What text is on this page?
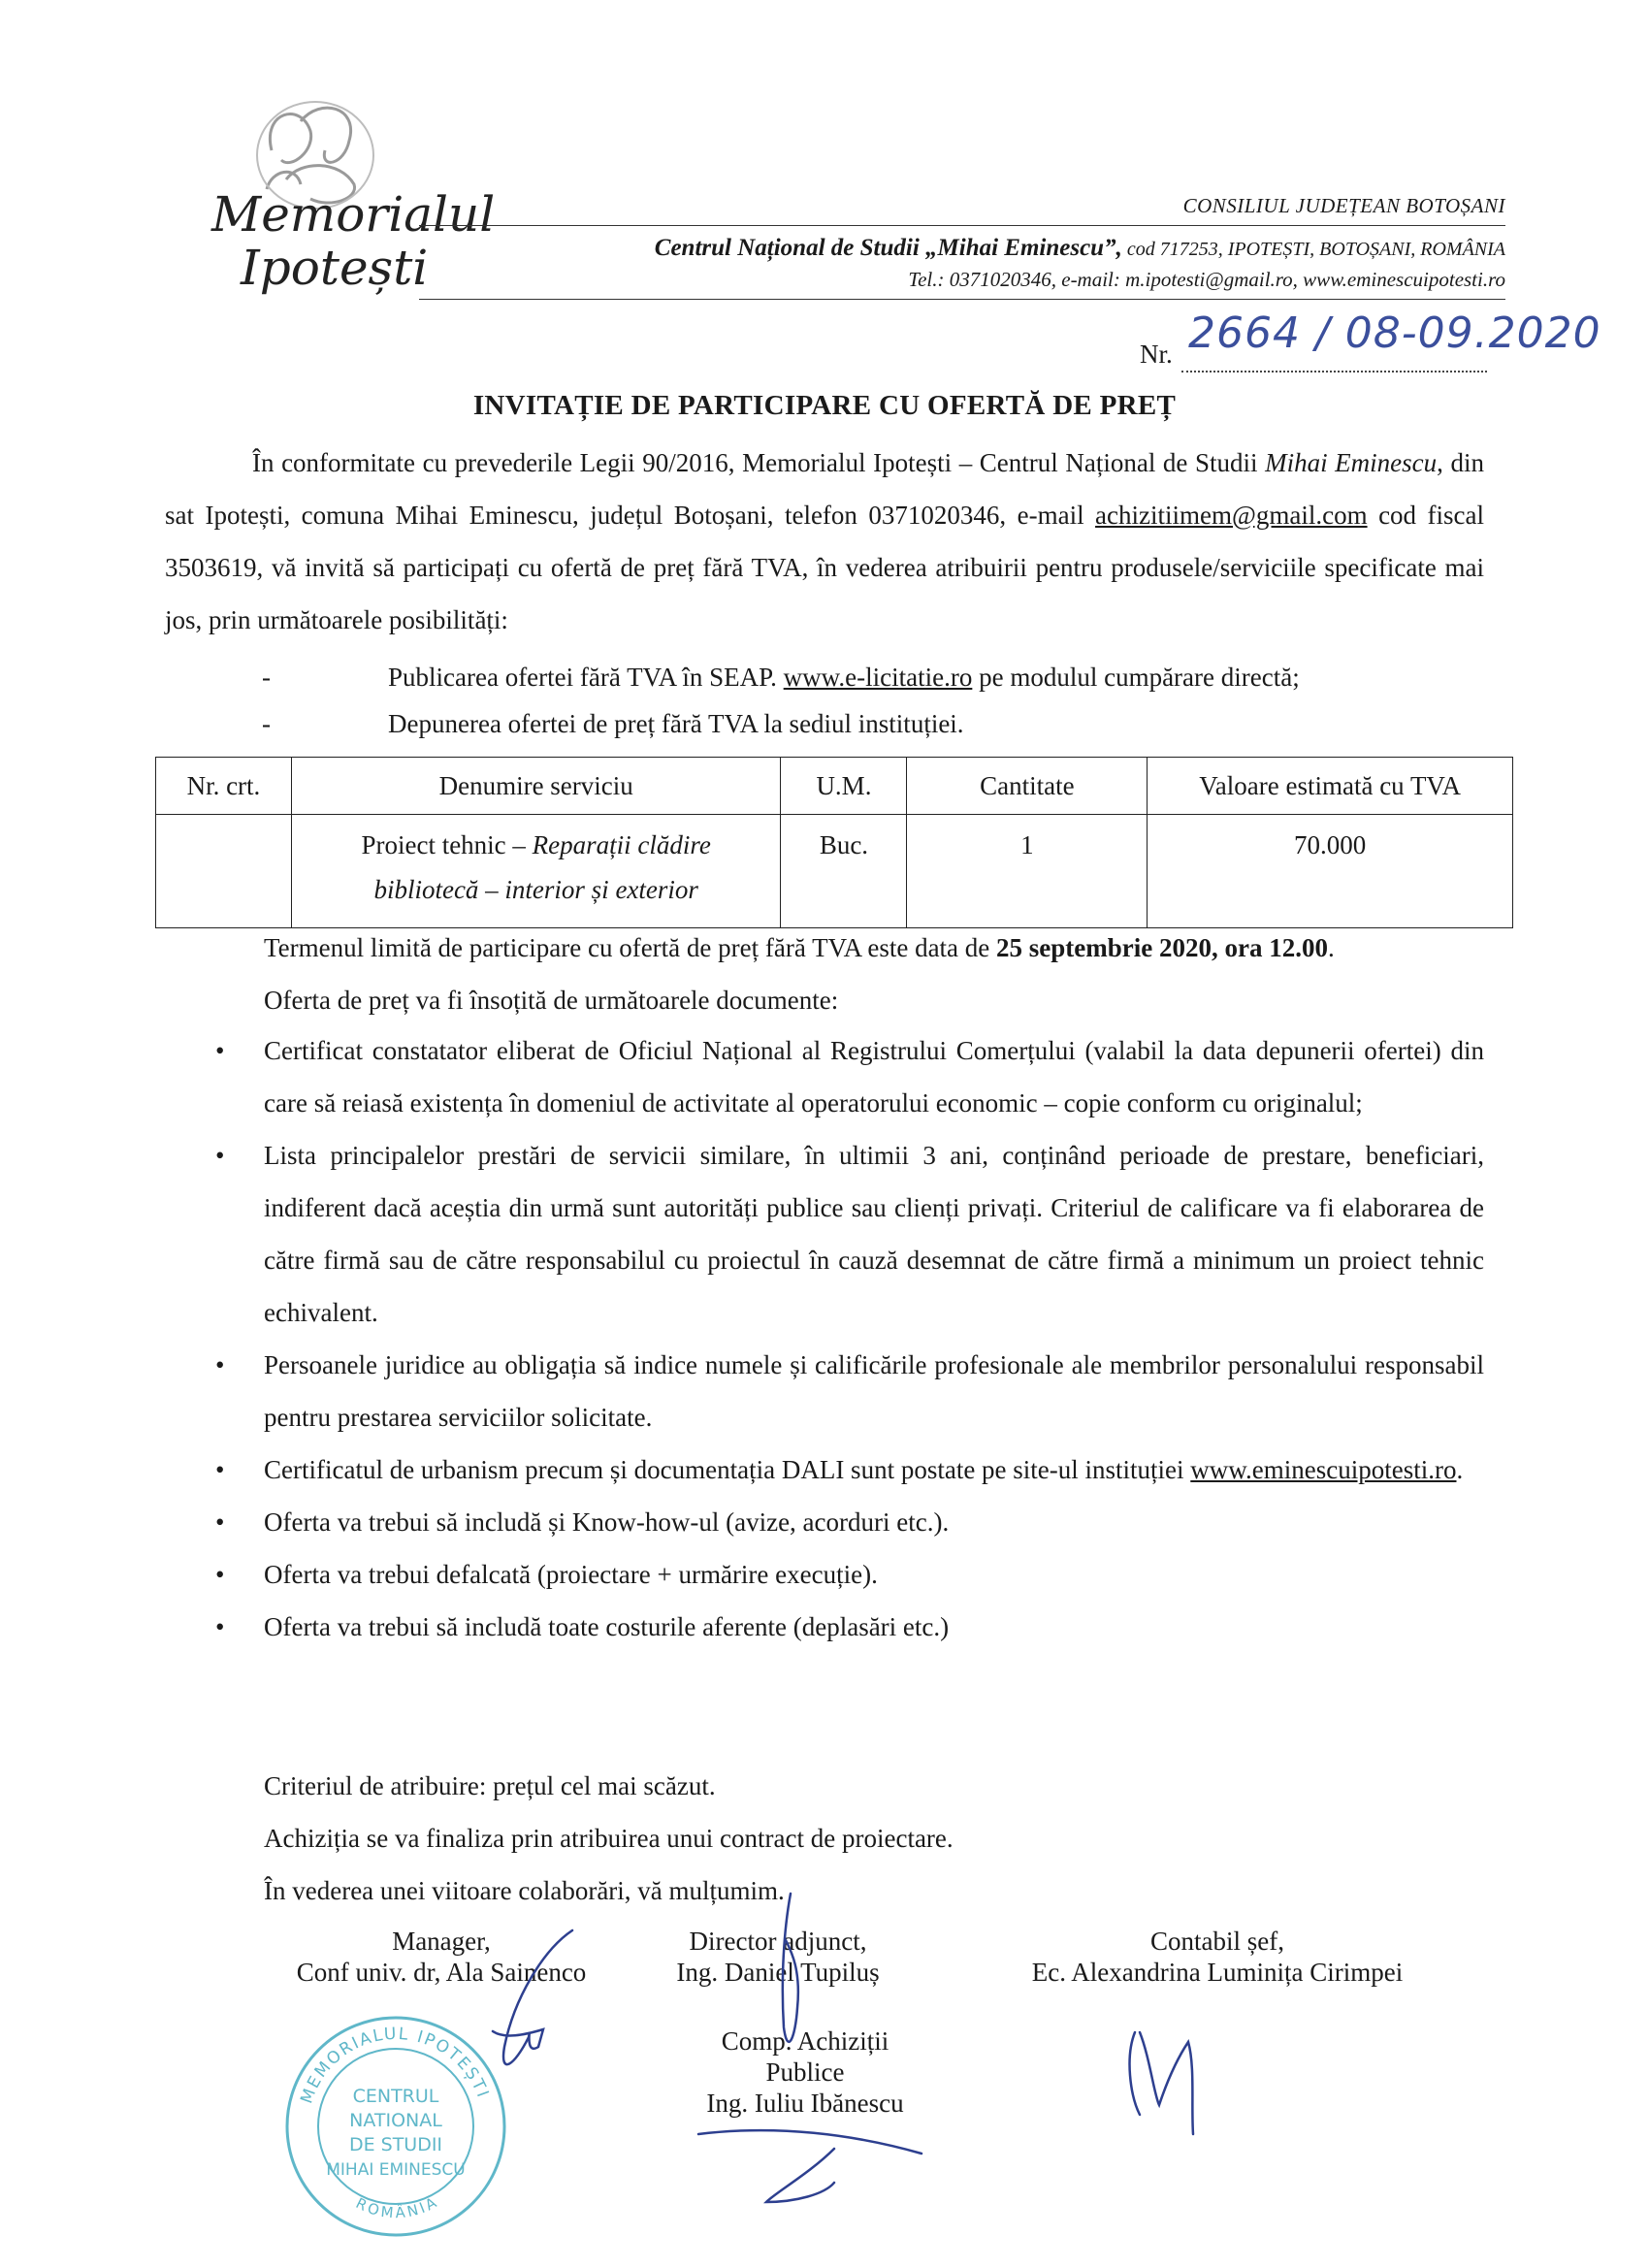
Memorialul
Ipotești
CONSILIUL JUDEȚEAN BOTOȘANI
Centrul Național de Studii „Mihai Eminescu”, cod 717253, IPOTEȘTI, BOTOȘANI, ROMÂNIA
Tel.: 0371020346, e-mail: m.ipotesti@gmail.ro, www.eminescuipotesti.ro
Nr. 2664 / 08-09.2020
INVITAȚIE DE PARTICIPARE CU OFERTĂ DE PREȚ
În conformitate cu prevederile Legii 90/2016, Memorialul Ipotești – Centrul Național de Studii Mihai Eminescu, din sat Ipotești, comuna Mihai Eminescu, județul Botoșani, telefon 0371020346, e-mail achizitiimem@gmail.com cod fiscal 3503619, vă invită să participați cu ofertă de preț fără TVA, în vederea atribuirii pentru produsele/serviciile specificate mai jos, prin următoarele posibilități:
-	Publicarea ofertei fără TVA în SEAP. www.e-licitatie.ro pe modulul cumpărare directă;
-	Depunerea ofertei de preț fără TVA la sediul instituției.
Nr. crt.	Denumire serviciu	U.M.	Cantitate	Valoare estimată cu TVA
	Proiect tehnic – Reparații clădire
bibliotecă – interior și exterior	Buc.	1	70.000
Termenul limită de participare cu ofertă de preț fără TVA este data de 25 septembrie 2020, ora 12.00.
Oferta de preț va fi însoțită de următoarele documente:
• Certificat constatator eliberat de Oficiul Național al Registrului Comerțului (valabil la data depunerii ofertei) din care să reiasă existența în domeniul de activitate al operatorului economic – copie conform cu originalul;
• Lista principalelor prestări de servicii similare, în ultimii 3 ani, conținând perioade de prestare, beneficiari, indiferent dacă aceștia din urmă sunt autorități publice sau clienți privați. Criteriul de calificare va fi elaborarea de către firmă sau de către responsabilul cu proiectul în cauză desemnat de către firmă a minimum un proiect tehnic echivalent.
• Persoanele juridice au obligația să indice numele și calificările profesionale ale membrilor personalului responsabil pentru prestarea serviciilor solicitate.
• Certificatul de urbanism precum și documentația DALI sunt postate pe site-ul instituției www.eminescuipotesti.ro.
• Oferta va trebui să includă și Know-how-ul (avize, acorduri etc.).
• Oferta va trebui defalcată (proiectare + urmărire execuție).
• Oferta va trebui să includă toate costurile aferente (deplasări etc.)
Criteriul de atribuire: prețul cel mai scăzut.
Achiziția se va finaliza prin atribuirea unui contract de proiectare.
În vederea unei viitoare colaborări, vă mulțumim.
Manager,
Conf univ. dr, Ala Sainenco
Director adjunct,
Ing. Daniel Tupiluș
Contabil șef,
Ec. Alexandrina Luminița Cirimpei
Comp. Achiziții Publice
Ing. Iuliu Ibănescu
MEMORIALUL IPOTEȘTI
ROMÂNIA
CENTRUL
NATIONAL
DE STUDII
MIHAI EMINESCU
